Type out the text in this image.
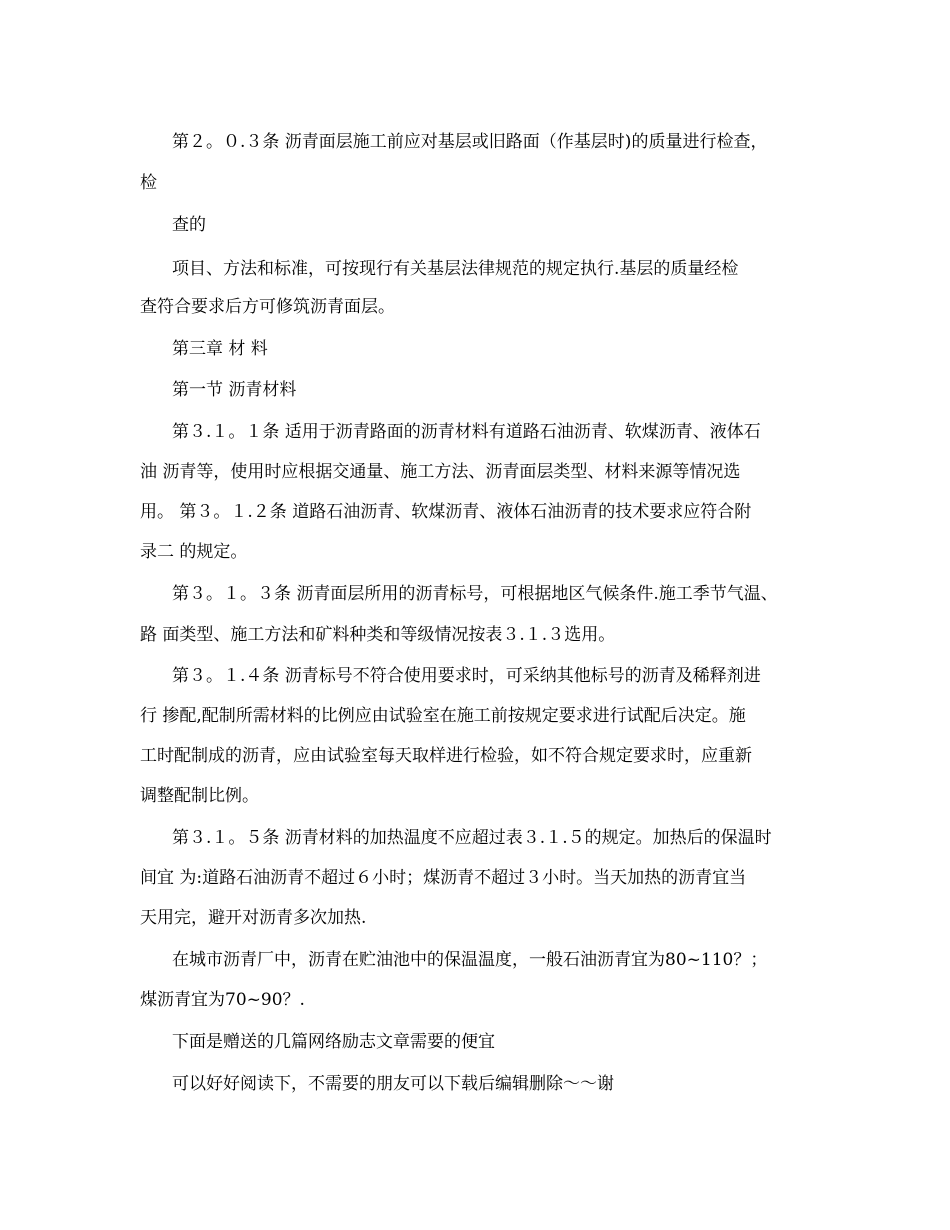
第２。０.３条 沥青面层施工前应对基层或旧路面（作基层时)的质量进行检查，

检

查的

项目、方法和标准，可按现行有关基层法律规范的规定执行.基层的质量经检

查符合要求后方可修筑沥青面层。

第三章 材 料

第一节 沥青材料

第３.１。１条 适用于沥青路面的沥青材料有道路石油沥青、软煤沥青、液体石

油 沥青等，使用时应根据交通量、施工方法、沥青面层类型、材料来源等情况选

用。 第３。１.２条 道路石油沥青、软煤沥青、液体石油沥青的技术要求应符合附

录二 的规定。

第３。１。３条 沥青面层所用的沥青标号，可根据地区气候条件.施工季节气温、

路 面类型、施工方法和矿料种类和等级情况按表３.１.３选用。

第３。１.４条 沥青标号不符合使用要求时，可采纳其他标号的沥青及稀释剂进

行 掺配,配制所需材料的比例应由试验室在施工前按规定要求进行试配后决定。施

工时配制成的沥青，应由试验室每天取样进行检验，如不符合规定要求时，应重新

调整配制比例。

第３.１。５条 沥青材料的加热温度不应超过表３.１.５的规定。加热后的保温时

间宜 为:道路石油沥青不超过６小时；煤沥青不超过３小时。当天加热的沥青宜当

天用完，避开对沥青多次加热.

在城市沥青厂中，沥青在贮油池中的保温温度，一般石油沥青宜为80~110？；

煤沥青宜为70~90？.

下面是赠送的几篇网络励志文章需要的便宜

可以好好阅读下，不需要的朋友可以下载后编辑删除～～谢
